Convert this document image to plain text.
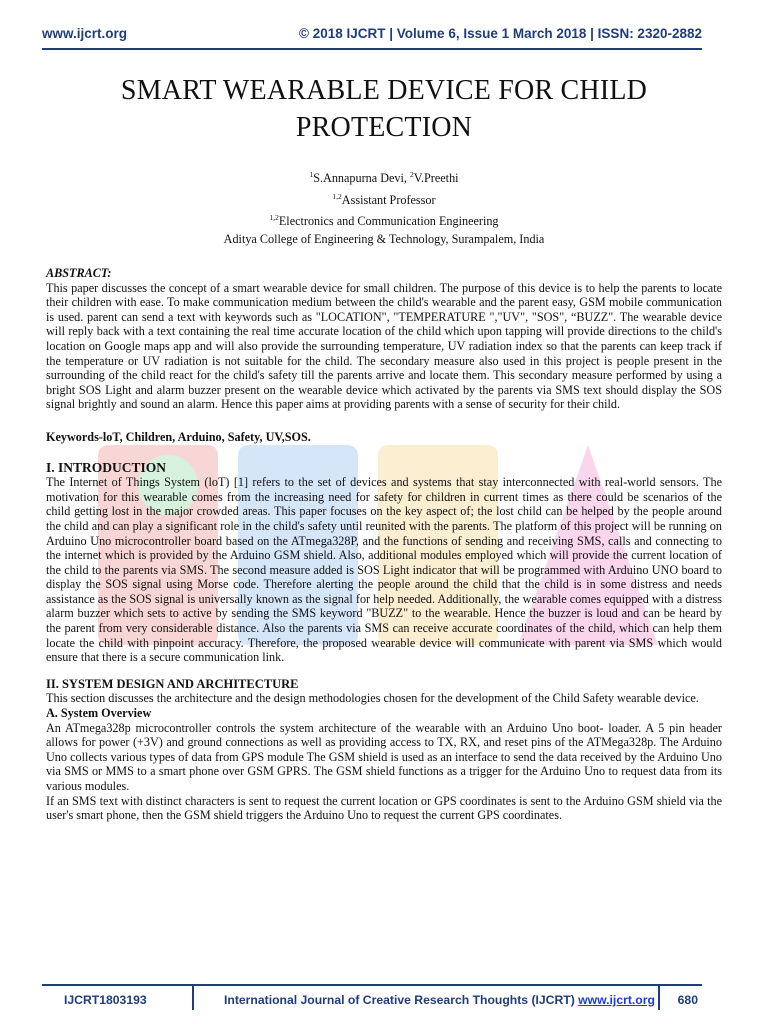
www.ijcrt.org	© 2018 IJCRT | Volume 6, Issue 1 March 2018 | ISSN: 2320-2882
SMART WEARABLE DEVICE FOR CHILD
PROTECTION
$^1$S.Annapurna Devi, $^2$V.Preethi
$^{1,2}$Assistant Professor
$^{1,2}$Electronics and Communication Engineering
Aditya College of Engineering & Technology, Surampalem, India

ABSTRACT:

This paper discusses the concept of a smart wearable device for small children. The purpose of this device is to help the parents to locate their children with ease. To make communication medium between the child's wearable and the parent easy, GSM mobile communication is used. parent can send a text with keywords such as "LOCATION", "TEMPERATURE ","UV", "SOS", “BUZZ". The wearable device will reply back with a text containing the real time accurate location of the child which upon tapping will provide directions to the child's location on Google maps app and will also provide the surrounding temperature, UV radiation index so that the parents can keep track if the temperature or UV radiation is not suitable for the child. The secondary measure also used in this project is people present in the surrounding of the child react for the child's safety till the parents arrive and locate them. This secondary measure performed by using a bright SOS Light and alarm buzzer present on the wearable device which activated by the parents via SMS text should display the SOS signal brightly and sound an alarm. Hence this paper aims at providing parents with a sense of security for their child.

Keywords-loT, Children, Arduino, Safety, UV,SOS.

I. INTRODUCTION

The Internet of Things System (loT) [1] refers to the set of devices and systems that stay interconnected with real-world sensors. The motivation for this wearable comes from the increasing need for safety for children in current times as there could be scenarios of the child getting lost in the major crowded areas. This paper focuses on the key aspect of; the lost child can be helped by the people around the child and can play a significant role in the child's safety until reunited with the parents. The platform of this project will be running on Arduino Uno microcontroller board based on the ATmega328P, and the functions of sending and receiving SMS, calls and connecting to the internet which is provided by the Arduino GSM shield. Also, additional modules employed which will provide the current location of the child to the parents via SMS. The second measure added is SOS Light indicator that will be programmed with Arduino UNO board to display the SOS signal using Morse code. Therefore alerting the people around the child that the child is in some distress and needs assistance as the SOS signal is universally known as the signal for help needed. Additionally, the wearable comes equipped with a distress alarm buzzer which sets to active by sending the SMS keyword "BUZZ" to the wearable. Hence the buzzer is loud and can be heard by the parent from very considerable distance. Also the parents via SMS can receive accurate coordinates of the child, which can help them locate the child with pinpoint accuracy. Therefore, the proposed wearable device will communicate with parent via SMS which would ensure that there is a secure communication link.

II. SYSTEM DESIGN AND ARCHITECTURE

This section discusses the architecture and the design methodologies chosen for the development of the Child Safety wearable device.

A. System Overview

An ATmega328p microcontroller controls the system architecture of the wearable with an Arduino Uno boot- loader. A 5 pin header allows for power (+3V) and ground connections as well as providing access to TX, RX, and reset pins of the ATMega328p. The Arduino Uno collects various types of data from GPS module The GSM shield is used as an interface to send the data received by the Arduino Uno via SMS or MMS to a smart phone over GSM GPRS. The GSM shield functions as a trigger for the Arduino Uno to request data from its various modules.

If an SMS text with distinct characters is sent to request the current location or GPS coordinates is sent to the Arduino GSM shield via the user's smart phone, then the GSM shield triggers the Arduino Uno to request the current GPS coordinates.

IJCRT1803193	International Journal of Creative Research Thoughts (IJCRT) www.ijcrt.org 680
